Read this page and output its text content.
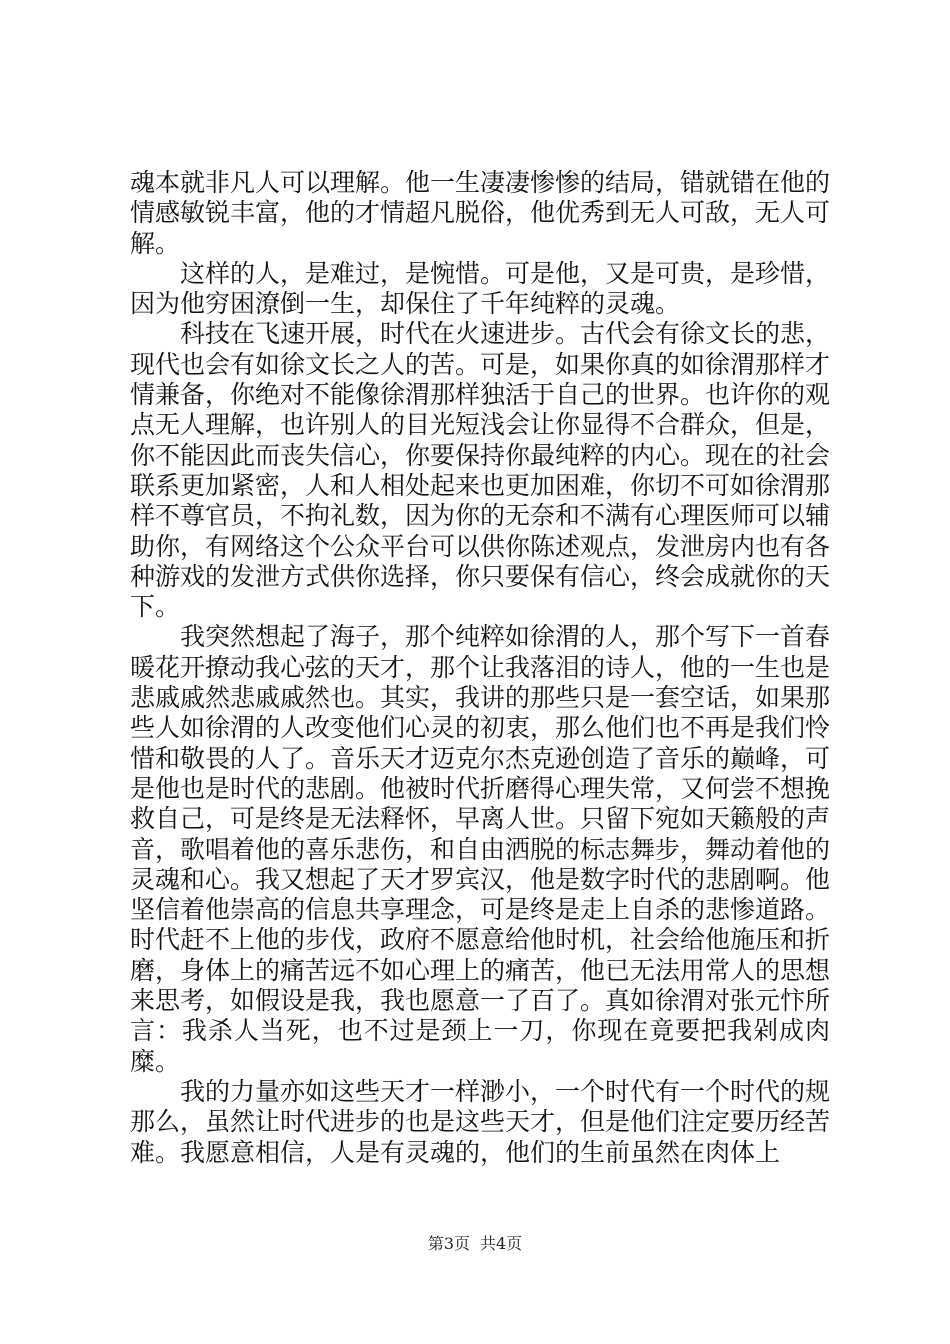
魂本就非凡人可以理解。他一生凄凄惨惨的结局，错就错在他的情感敏锐丰富，他的才情超凡脱俗，他优秀到无人可敌，无人可解。

这样的人，是难过，是惋惜。可是他，又是可贵，是珍惜，因为他穷困潦倒一生，却保住了千年纯粹的灵魂。

科技在飞速开展，时代在火速进步。古代会有徐文长的悲，现代也会有如徐文长之人的苦。可是，如果你真的如徐渭那样才情兼备，你绝对不能像徐渭那样独活于自己的世界。也许你的观点无人理解，也许别人的目光短浅会让你显得不合群众，但是，你不能因此而丧失信心，你要保持你最纯粹的内心。现在的社会联系更加紧密，人和人相处起来也更加困难，你切不可如徐渭那样不尊官员，不拘礼数，因为你的无奈和不满有心理医师可以辅助你，有网络这个公众平台可以供你陈述观点，发泄房内也有各种游戏的发泄方式供你选择，你只要保有信心，终会成就你的天下。

我突然想起了海子，那个纯粹如徐渭的人，那个写下一首春暖花开撩动我心弦的天才，那个让我落泪的诗人，他的一生也是悲戚戚然悲戚戚然也。其实，我讲的那些只是一套空话，如果那些人如徐渭的人改变他们心灵的初衷，那么他们也不再是我们怜惜和敬畏的人了。音乐天才迈克尔杰克逊创造了音乐的巅峰，可是他也是时代的悲剧。他被时代折磨得心理失常，又何尝不想挽救自己，可是终是无法释怀，早离人世。只留下宛如天籁般的声音，歌唱着他的喜乐悲伤，和自由洒脱的标志舞步，舞动着他的灵魂和心。我又想起了天才罗宾汉，他是数字时代的悲剧啊。他坚信着他崇高的信息共享理念，可是终是走上自杀的悲惨道路。时代赶不上他的步伐，政府不愿意给他时机，社会给他施压和折磨，身体上的痛苦远不如心理上的痛苦，他已无法用常人的思想来思考，如假设是我，我也愿意一了百了。真如徐渭对张元忭所言：我杀人当死，也不过是颈上一刀，你现在竟要把我剁成肉糜。

我的力量亦如这些天才一样渺小，一个时代有一个时代的规那么，虽然让时代进步的也是这些天才，但是他们注定要历经苦难。我愿意相信，人是有灵魂的，他们的生前虽然在肉体上

第3页 共4页
